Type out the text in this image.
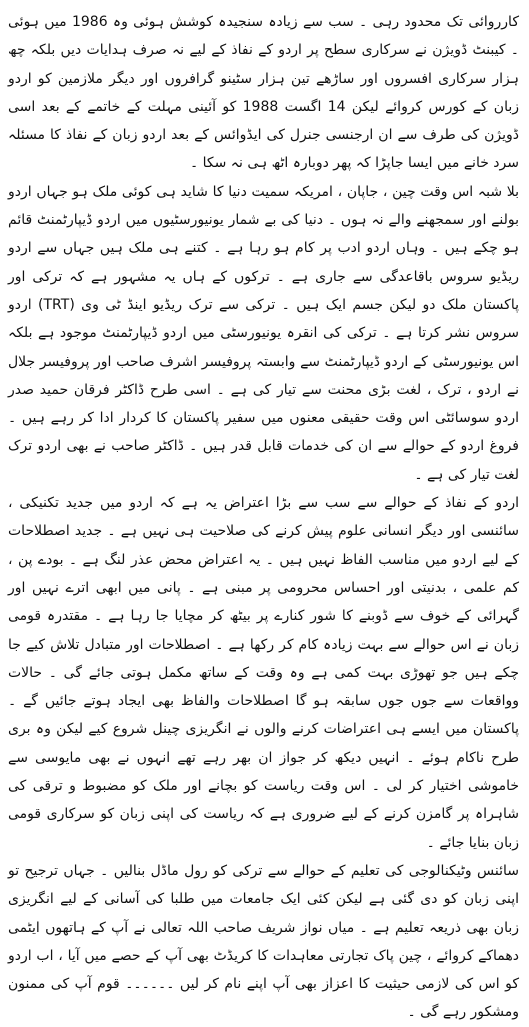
کارروائی تک محدود رہی ۔ سب سے زیادہ سنجیدہ کوشش ہوئی وہ 1986 میں ہوئی ۔ کیبنٹ ڈویژن نے سرکاری سطح پر اردو کے نفاذ کے لیے نہ صرف ہدایات دیں بلکہ چھ ہزار سرکاری افسروں اور ساڑھے تین ہزار سٹینو گرافروں اور دیگر ملازمین کو اردو زبان کے کورس کروائے لیکن 14 اگست 1988 کو آئینی مہلت کے خاتمے کے بعد اسی ڈویژن کی طرف سے ان ارجنسی جنرل کی ایڈوائس کے بعد اردو زبان کے نفاذ کا مسئلہ سرد خانے میں ایسا جاپڑا کہ پھر دوبارہ اٹھ ہی نہ سکا ۔

بلا شبہ اس وقت چین ، جاپان ، امریکہ سمیت دنیا کا شاید ہی کوئی ملک ہو جہاں اردو بولنے اور سمجھنے والے نہ ہوں ۔ دنیا کی بے شمار یونیورسٹیوں میں اردو ڈیپارٹمنٹ قائم ہو چکے ہیں ۔ وہاں اردو ادب پر کام ہو رہا ہے ۔ کتنے ہی ملک ہیں جہاں سے اردو ریڈیو سروس باقاعدگی سے جاری ہے ۔ ترکوں کے ہاں یہ مشہور ہے کہ ترکی اور پاکستان ملک دو لیکن جسم ایک ہیں ۔ ترکی سے ترک ریڈیو اینڈ ٹی وی (TRT) اردو سروس نشر کرتا ہے ۔ ترکی کی انقرہ یونیورسٹی میں اردو ڈیپارٹمنٹ موجود ہے بلکہ اس یونیورسٹی کے اردو ڈیپارٹمنٹ سے وابستہ پروفیسر اشرف صاحب اور پروفیسر جلال نے اردو ، ترک ، لغت بڑی محنت سے تیار کی ہے ۔ اسی طرح ڈاکٹر فرقان حمید صدر اردو سوسائٹی اس وقت حقیقی معنوں میں سفیر پاکستان کا کردار ادا کر رہے ہیں ۔ فروغ اردو کے حوالے سے ان کی خدمات قابل قدر ہیں ۔ ڈاکٹر صاحب نے بھی اردو ترک لغت تیار کی ہے ۔

اردو کے نفاذ کے حوالے سے سب سے بڑا اعتراض یہ ہے کہ اردو میں جدید تکنیکی ، سائنسی اور دیگر انسانی علوم پیش کرنے کی صلاحیت ہی نہیں ہے ۔ جدید اصطلاحات کے لیے اردو میں مناسب الفاظ نہیں ہیں ۔ یہ اعتراض محض عذر لنگ ہے ۔ بودے پن ، کم علمی ، بدنیتی اور احساس محرومی پر مبنی ہے ۔ پانی میں ابھی اترے نہیں اور گہرائی کے خوف سے ڈوبنے کا شور کنارے پر بیٹھ کر مچایا جا رہا ہے ۔ مقتدرہ قومی زبان نے اس حوالے سے بہت زیادہ کام کر رکھا ہے ۔ اصطلاحات اور متبادل تلاش کیے جا چکے ہیں جو تھوڑی بہت کمی ہے وہ وقت کے ساتھ مکمل ہوتی جائے گی ۔ حالات وواقعات سے جوں جوں سابقہ ہو گا اصطلاحات والفاظ بھی ایجاد ہوتے جائیں گے ۔ پاکستان میں ایسے ہی اعتراضات کرنے والوں نے انگریزی چینل شروع کیے لیکن وہ بری طرح ناکام ہوئے ۔ انہیں دیکھ کر جواز ان بھر رہے تھے انہوں نے بھی مایوسی سے خاموشی اختیار کر لی ۔ اس وقت ریاست کو بچانے اور ملک کو مضبوط و ترقی کی شاہراہ پر گامزن کرنے کے لیے ضروری ہے کہ ریاست کی اپنی زبان کو سرکاری قومی زبان بنایا جائے ۔

سائنس وٹیکنالوجی کی تعلیم کے حوالے سے ترکی کو رول ماڈل بنالیں ۔ جہاں ترجیح تو اپنی زبان کو دی گئی ہے لیکن کئی ایک جامعات میں طلبا کی آسانی کے لیے انگریزی زبان بھی ذریعہ تعلیم ہے ۔ میاں نواز شریف صاحب اللہ تعالی نے آپ کے ہاتھوں ایٹمی دھماکے کروائے ، چین پاک تجارتی معاہدات کا کریڈٹ بھی آپ کے حصے میں آیا ، اب اردو کو اس کی لازمی حیثیت کا اعزاز بھی آپ اپنے نام کر لیں ۔۔۔۔۔۔ قوم آپ کی ممنون ومشکور رہے گی ۔
